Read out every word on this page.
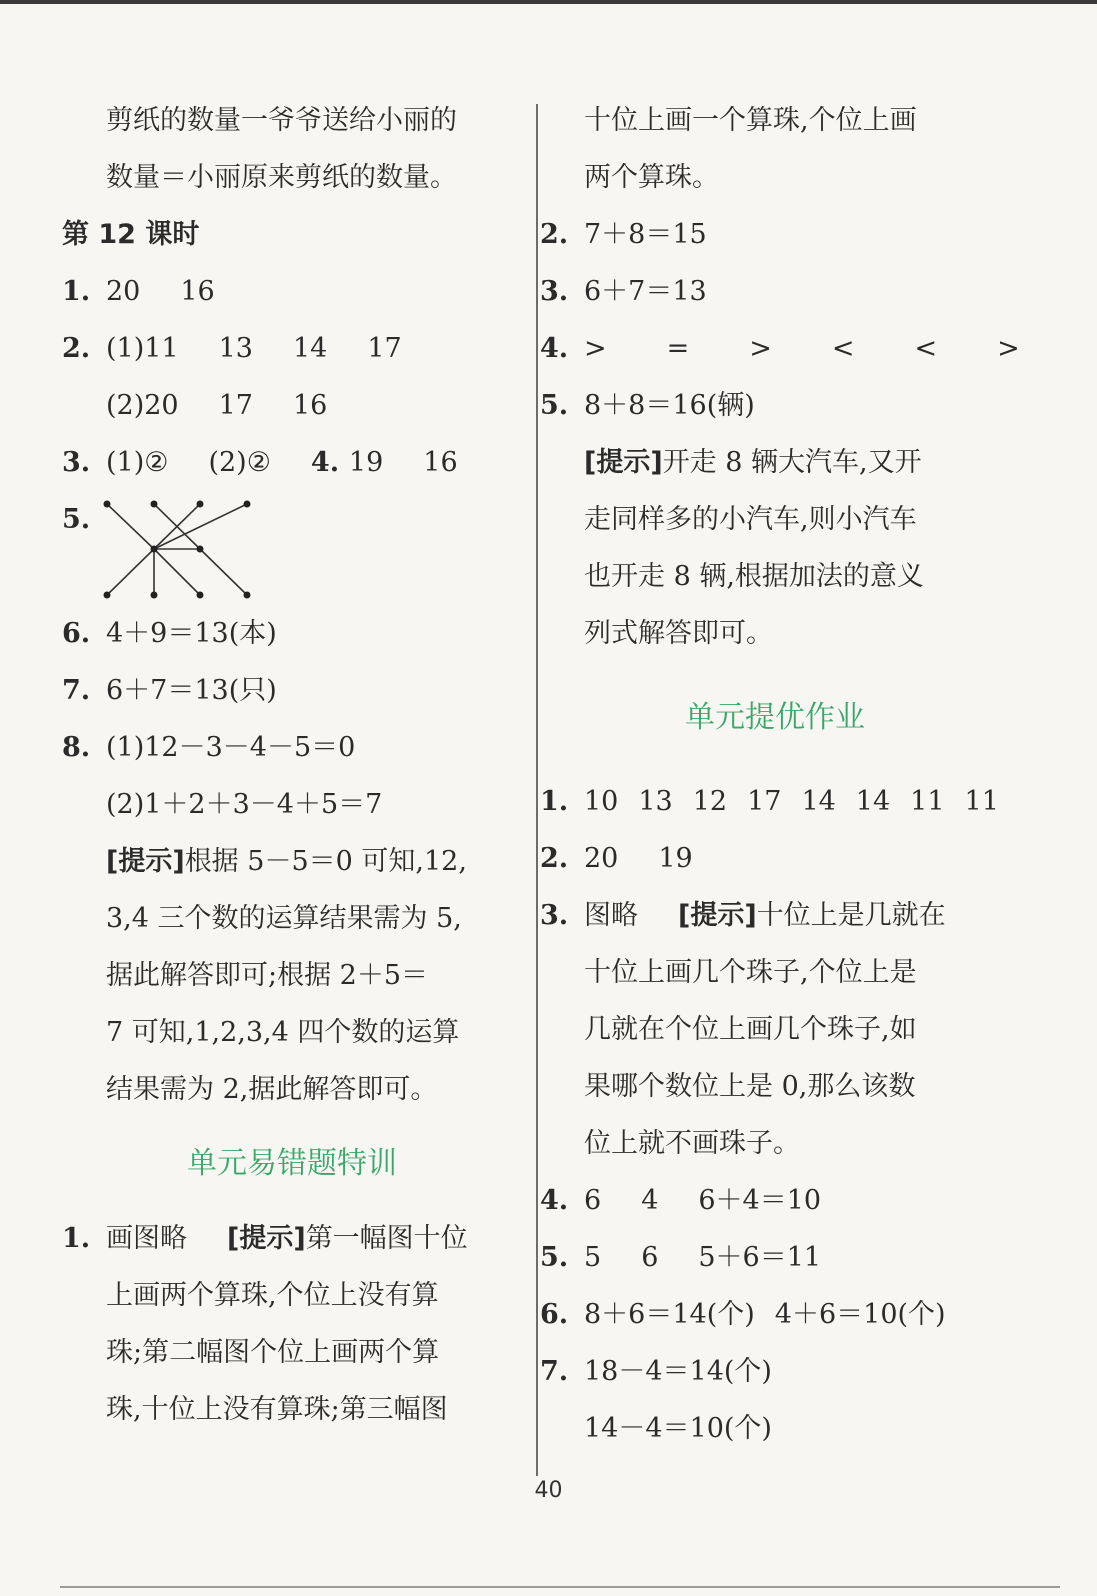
剪纸的数量一爷爷送给小丽的
数量＝小丽原来剪纸的数量。
第 12 课时
1. 20 16
2. (1)11 13 14 17
(2)20 17 16
3. (1)② (2)② 4. 19 16
5.
6. 4＋9＝13(本)
7. 6＋7＝13(只)
8. (1)12－3－4－5＝0
(2)1＋2＋3－4＋5＝7
[提示]根据 5－5＝0 可知,12,
3,4 三个数的运算结果需为 5,
据此解答即可;根据 2＋5＝
7 可知,1,2,3,4 四个数的运算
结果需为 2,据此解答即可。
单元易错题特训
1. 画图略 [提示]第一幅图十位
上画两个算珠,个位上没有算
珠;第二幅图个位上画两个算
珠,十位上没有算珠;第三幅图
十位上画一个算珠,个位上画
两个算珠。
2. 7＋8＝15
3. 6＋7＝13
4. > = > < < >
5. 8＋8＝16(辆)
[提示]开走 8 辆大汽车,又开
走同样多的小汽车,则小汽车
也开走 8 辆,根据加法的意义
列式解答即可。
单元提优作业
1. 10 13 12 17 14 14 11 11
2. 20 19
3. 图略 [提示]十位上是几就在
十位上画几个珠子,个位上是
几就在个位上画几个珠子,如
果哪个数位上是 0,那么该数
位上就不画珠子。
4. 6 4 6＋4＝10
5. 5 6 5＋6＝11
6. 8＋6＝14(个) 4＋6＝10(个)
7. 18－4＝14(个)
14－4＝10(个)
40
